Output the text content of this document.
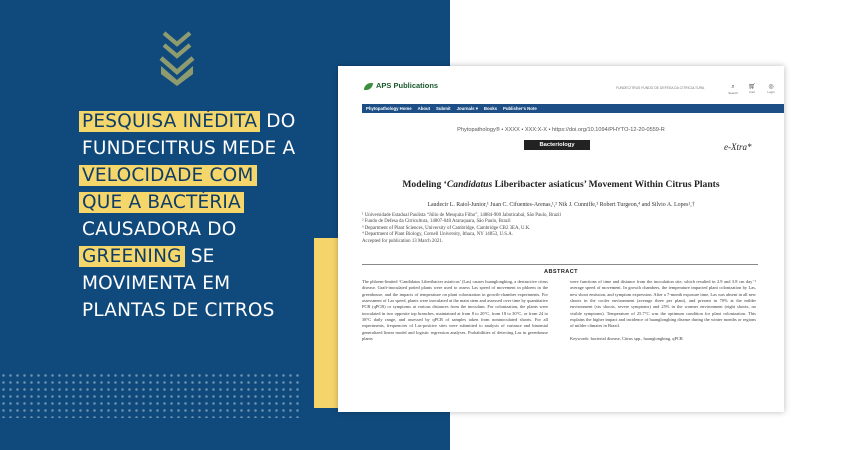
PESQUISA INÉDITA DO
FUNDECITRUS MEDE A
VELOCIDADE COM
QUE A BACTÉRIA
CAUSADORA DO
GREENING SE
MOVIMENTA EM
PLANTAS DE CITROS
APS Publications	FUNDECITRUS FUNDO DE DEFESA DA CITRICULTURA	⌕
Search
🛒︎
Cart
◎
Login
Phytopathology Home About Submit Journals ▾ Books Publisher's Note
Phytopathology® • XXXX • XXX:X-X • https://doi.org/10.1094/PHYTO-12-20-0559-R
Bacteriology	e-Xtra*
Modeling ‘Candidatus Liberibacter asiaticus’ Movement Within Citrus Plants
Laudecir L. Raiol-Junior,¹ Juan C. Cifuentes-Arenas,¹,² Nik J. Cunniffe,³ Robert Turgeon,⁴ and Silvio A. Lopes¹,†
¹ Universidade Estadual Paulista “Júlio de Mesquita Filho”, 14884-900 Jaboticabal, São Paulo, Brazil
² Fundo de Defesa da Citricultura, 14807-040 Araraquara, São Paulo, Brazil
³ Department of Plant Sciences, University of Cambridge, Cambridge CB2 3EA, U.K.
⁴ Department of Plant Biology, Cornell University, Ithaca, NY 14853, U.S.A.
Accepted for publication 13 March 2021.
ABSTRACT
The phloem-limited ‘Candidatus Liberibacter asiaticus’ (Las) causes huanglongbing, a destructive citrus disease. Graft-inoculated potted plants were used to assess Las speed of movement in phloem in the greenhouse, and the impacts of temperature on plant colonization in growth-chamber experiments. For assessment of Las speed, plants were inoculated at the main stem and assessed over time by quantitative PCR (qPCR) or symptoms at various distances from the inoculum. For colonization, the plants were inoculated in two opposite top branches, maintained at from 8 to 20°C, from 18 to 30°C, or from 24 to 38°C daily range, and assessed by qPCR of samples taken from noninoculated shoots. For all experiments, frequencies of Las-positive sites were submitted to analysis of variance and binomial generalized linear model and logistic regression analyses. Probabilities of detecting Las in greenhouse plants
were functions of time and distance from the inoculation site, which resulted in 2.9 and 3.8 cm day⁻¹ average speed of movement. In growth chambers, the temperature impacted plant colonization by Las, new shoot emission, and symptom expression. After a 7-month exposure time, Las was absent in all new shoots in the cooler environment (average three per plant), and present in 70% at the milder environment (six shoots, severe symptoms) and 25% in the warmer environment (eight shoots, no visible symptoms). Temperature of 25.7°C was the optimum condition for plant colonization. This explains the higher impact and incidence of huanglongbing disease during the winter months or regions of milder climates in Brazil.
Keywords: bacterial disease, Citrus spp., huanglongbing, qPCR
